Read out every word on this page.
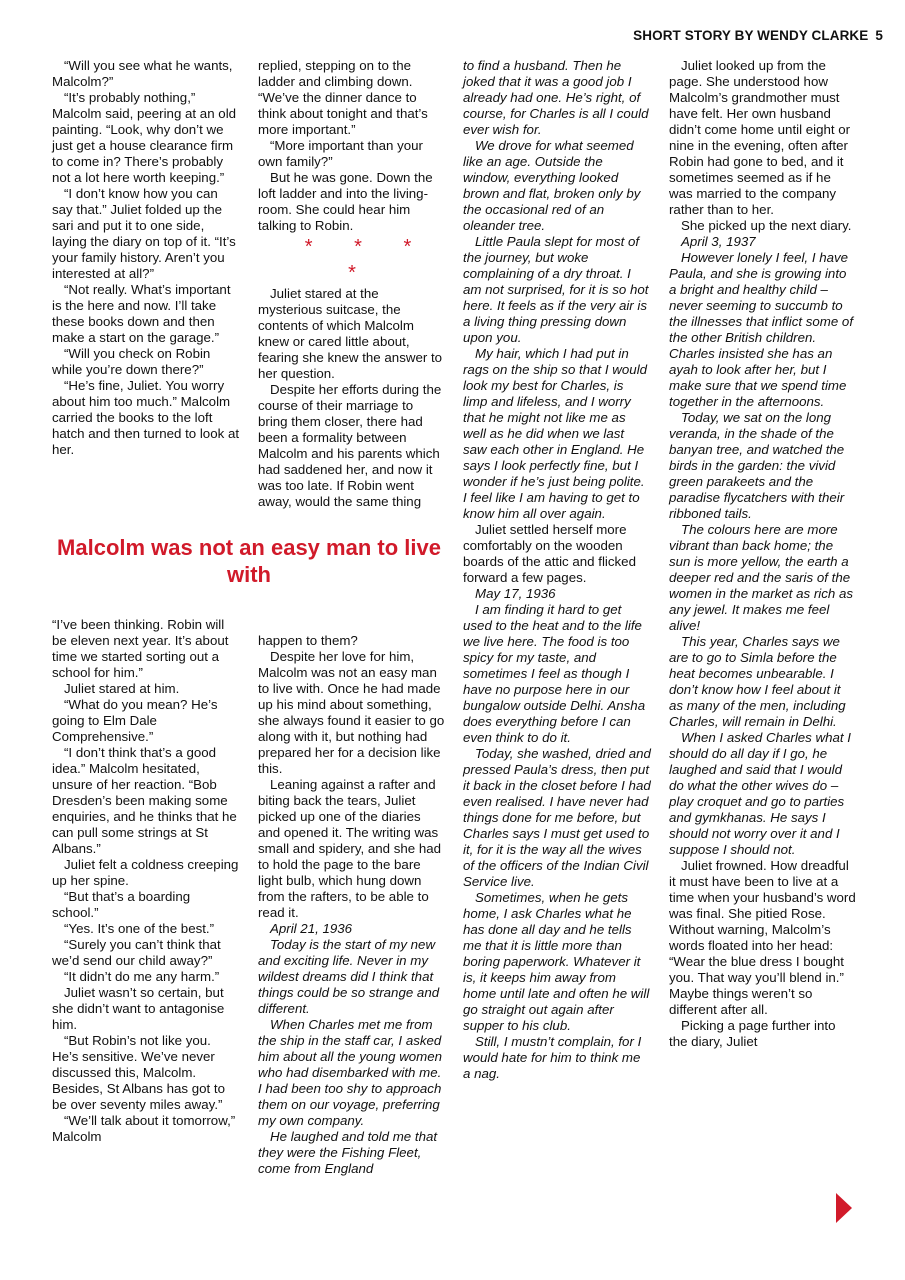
SHORT STORY BY WENDY CLARKE 5

“Will you see what he wants, Malcolm?”

“It’s probably nothing,” Malcolm said, peering at an old painting. “Look, why don’t we just get a house clearance firm to come in? There’s probably not a lot here worth keeping.”

“I don’t know how you can say that.” Juliet folded up the sari and put it to one side, laying the diary on top of it. “It’s your family history. Aren’t you interested at all?”

“Not really. What’s important is the here and now. I’ll take these books down and then make a start on the garage.”

“Will you check on Robin while you’re down there?”

“He’s fine, Juliet. You worry about him too much.” Malcolm carried the books to the loft hatch and then turned to look at her.

replied, stepping on to the ladder and climbing down. “We’ve the dinner dance to think about tonight and that’s more important.”

“More important than your own family?”

But he was gone. Down the loft ladder and into the living-room. She could hear him talking to Robin.

* * * *

Juliet stared at the mysterious suitcase, the contents of which Malcolm knew or cared little about, fearing she knew the answer to her question.

Despite her efforts during the course of their marriage to bring them closer, there had been a formality between Malcolm and his parents which had saddened her, and now it was too late. If Robin went away, would the same thing

Malcolm was not an easy man to live with

“I’ve been thinking. Robin will be eleven next year. It’s about time we started sorting out a school for him.”

Juliet stared at him.

“What do you mean? He’s going to Elm Dale Comprehensive.”

“I don’t think that’s a good idea.” Malcolm hesitated, unsure of her reaction. “Bob Dresden’s been making some enquiries, and he thinks that he can pull some strings at St Albans.”

Juliet felt a coldness creeping up her spine.

“But that’s a boarding school.”

“Yes. It’s one of the best.”

“Surely you can’t think that we’d send our child away?”

“It didn’t do me any harm.”

Juliet wasn’t so certain, but she didn’t want to antagonise him.

“But Robin’s not like you. He’s sensitive. We’ve never discussed this, Malcolm. Besides, St Albans has got to be over seventy miles away.”

“We’ll talk about it tomorrow,” Malcolm

happen to them?

Despite her love for him, Malcolm was not an easy man to live with. Once he had made up his mind about something, she always found it easier to go along with it, but nothing had prepared her for a decision like this.

Leaning against a rafter and biting back the tears, Juliet picked up one of the diaries and opened it. The writing was small and spidery, and she had to hold the page to the bare light bulb, which hung down from the rafters, to be able to read it.

April 21, 1936

Today is the start of my new and exciting life. Never in my wildest dreams did I think that things could be so strange and different.

When Charles met me from the ship in the staff car, I asked him about all the young women who had disembarked with me. I had been too shy to approach them on our voyage, preferring my own company.

He laughed and told me that they were the Fishing Fleet, come from England

to find a husband. Then he joked that it was a good job I already had one. He’s right, of course, for Charles is all I could ever wish for.

We drove for what seemed like an age. Outside the window, everything looked brown and flat, broken only by the occasional red of an oleander tree.

Little Paula slept for most of the journey, but woke complaining of a dry throat. I am not surprised, for it is so hot here. It feels as if the very air is a living thing pressing down upon you.

My hair, which I had put in rags on the ship so that I would look my best for Charles, is limp and lifeless, and I worry that he might not like me as well as he did when we last saw each other in England. He says I look perfectly fine, but I wonder if he’s just being polite. I feel like I am having to get to know him all over again.

Juliet settled herself more comfortably on the wooden boards of the attic and flicked forward a few pages.

May 17, 1936

I am finding it hard to get used to the heat and to the life we live here. The food is too spicy for my taste, and sometimes I feel as though I have no purpose here in our bungalow outside Delhi. Ansha does everything before I can even think to do it.

Today, she washed, dried and pressed Paula’s dress, then put it back in the closet before I had even realised. I have never had things done for me before, but Charles says I must get used to it, for it is the way all the wives of the officers of the Indian Civil Service live.

Sometimes, when he gets home, I ask Charles what he has done all day and he tells me that it is little more than boring paperwork. Whatever it is, it keeps him away from home until late and often he will go straight out again after supper to his club.

Still, I mustn’t complain, for I would hate for him to think me a nag.

Juliet looked up from the page. She understood how Malcolm’s grandmother must have felt. Her own husband didn’t come home until eight or nine in the evening, often after Robin had gone to bed, and it sometimes seemed as if he was married to the company rather than to her.

She picked up the next diary.

April 3, 1937

However lonely I feel, I have Paula, and she is growing into a bright and healthy child – never seeming to succumb to the illnesses that inflict some of the other British children. Charles insisted she has an ayah to look after her, but I make sure that we spend time together in the afternoons.

Today, we sat on the long veranda, in the shade of the banyan tree, and watched the birds in the garden: the vivid green parakeets and the paradise flycatchers with their ribboned tails.

The colours here are more vibrant than back home; the sun is more yellow, the earth a deeper red and the saris of the women in the market as rich as any jewel. It makes me feel alive!

This year, Charles says we are to go to Simla before the heat becomes unbearable. I don’t know how I feel about it as many of the men, including Charles, will remain in Delhi.

When I asked Charles what I should do all day if I go, he laughed and said that I would do what the other wives do – play croquet and go to parties and gymkhanas. He says I should not worry over it and I suppose I should not.

Juliet frowned. How dreadful it must have been to live at a time when your husband’s word was final. She pitied Rose. Without warning, Malcolm’s words floated into her head: “Wear the blue dress I bought you. That way you’ll blend in.” Maybe things weren’t so different after all.

Picking a page further into the diary, Juliet
